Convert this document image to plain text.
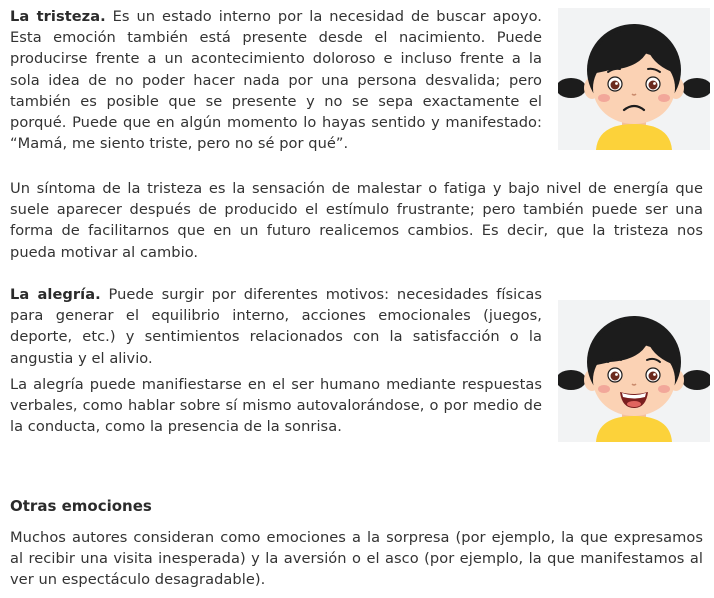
La tristeza. Es un estado interno por la necesidad de buscar apoyo. Esta emoción también está presente desde el nacimiento. Puede producirse frente a un acontecimiento doloroso e incluso frente a la sola idea de no poder hacer nada por una persona desvalida; pero también es posible que se presente y no se sepa exactamente el porqué. Puede que en algún momento lo hayas sentido y manifestado: “Mamá, me siento triste, pero no sé por qué”.

Un síntoma de la tristeza es la sensación de malestar o fatiga y bajo nivel de energía que suele aparecer después de producido el estímulo frustrante; pero también puede ser una forma de facilitarnos que en un futuro realicemos cambios. Es decir, que la tristeza nos pueda motivar al cambio.

La alegría. Puede surgir por diferentes motivos: necesidades físicas para generar el equilibrio interno, acciones emocionales (juegos, deporte, etc.) y sentimientos relacionados con la satisfacción o la angustia y el alivio.

La alegría puede manifiestarse en el ser humano mediante respuestas verbales, como hablar sobre sí mismo autovalorándose, o por medio de la conducta, como la presencia de la sonrisa.

Otras emociones

Muchos autores consideran como emociones a la sorpresa (por ejemplo, la que expresamos al recibir una visita inesperada) y la aversión o el asco (por ejemplo, la que manifestamos al ver un espectáculo desagradable).
